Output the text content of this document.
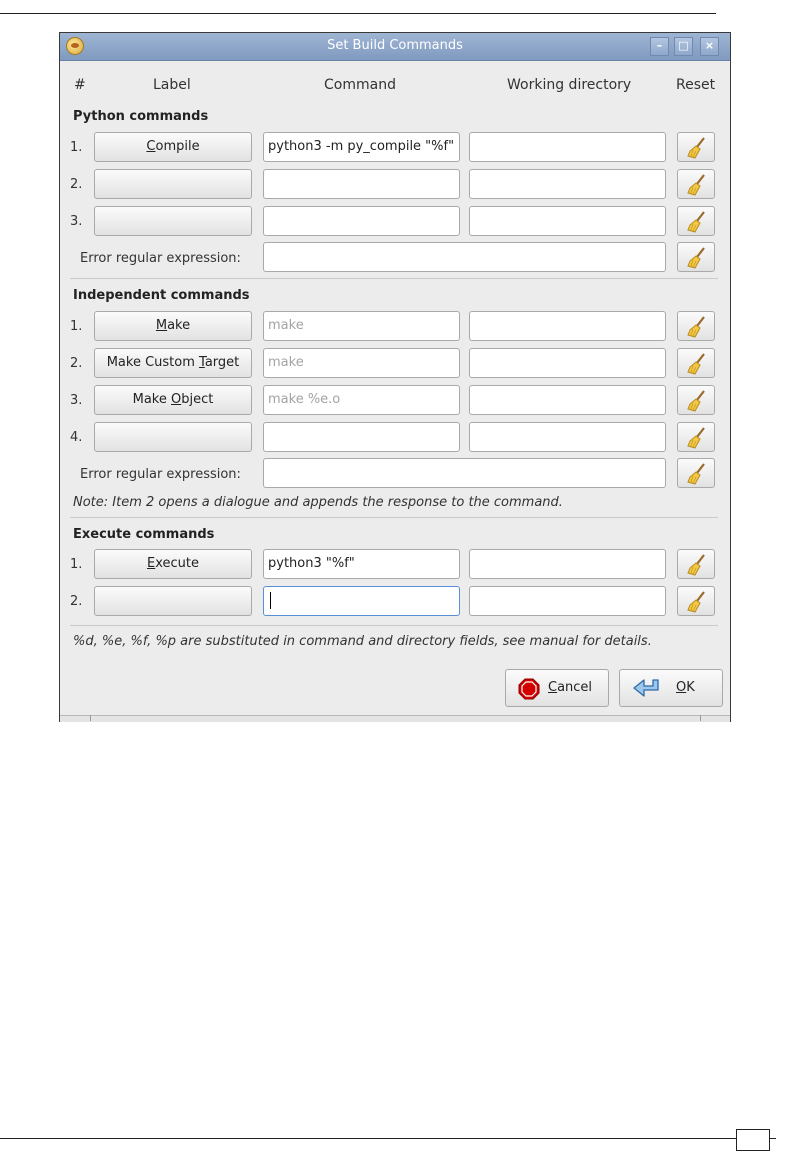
Set Build Commands	–	□	×
#	Label	Command	Working directory	Reset
Python commands
1.	Compile	python3 -m py_compile "%f"
2.
3.
Error regular expression:
Independent commands
1.	Make	make
2.	Make Custom Target	make
3.	Make Object	make %e.o
4.
Error regular expression:
Note: Item 2 opens a dialogue and appends the response to the command.
Execute commands
1.	Execute	python3 "%f"
2.
%d, %e, %f, %p are substituted in command and directory fields, see manual for details.
Cancel	OK
